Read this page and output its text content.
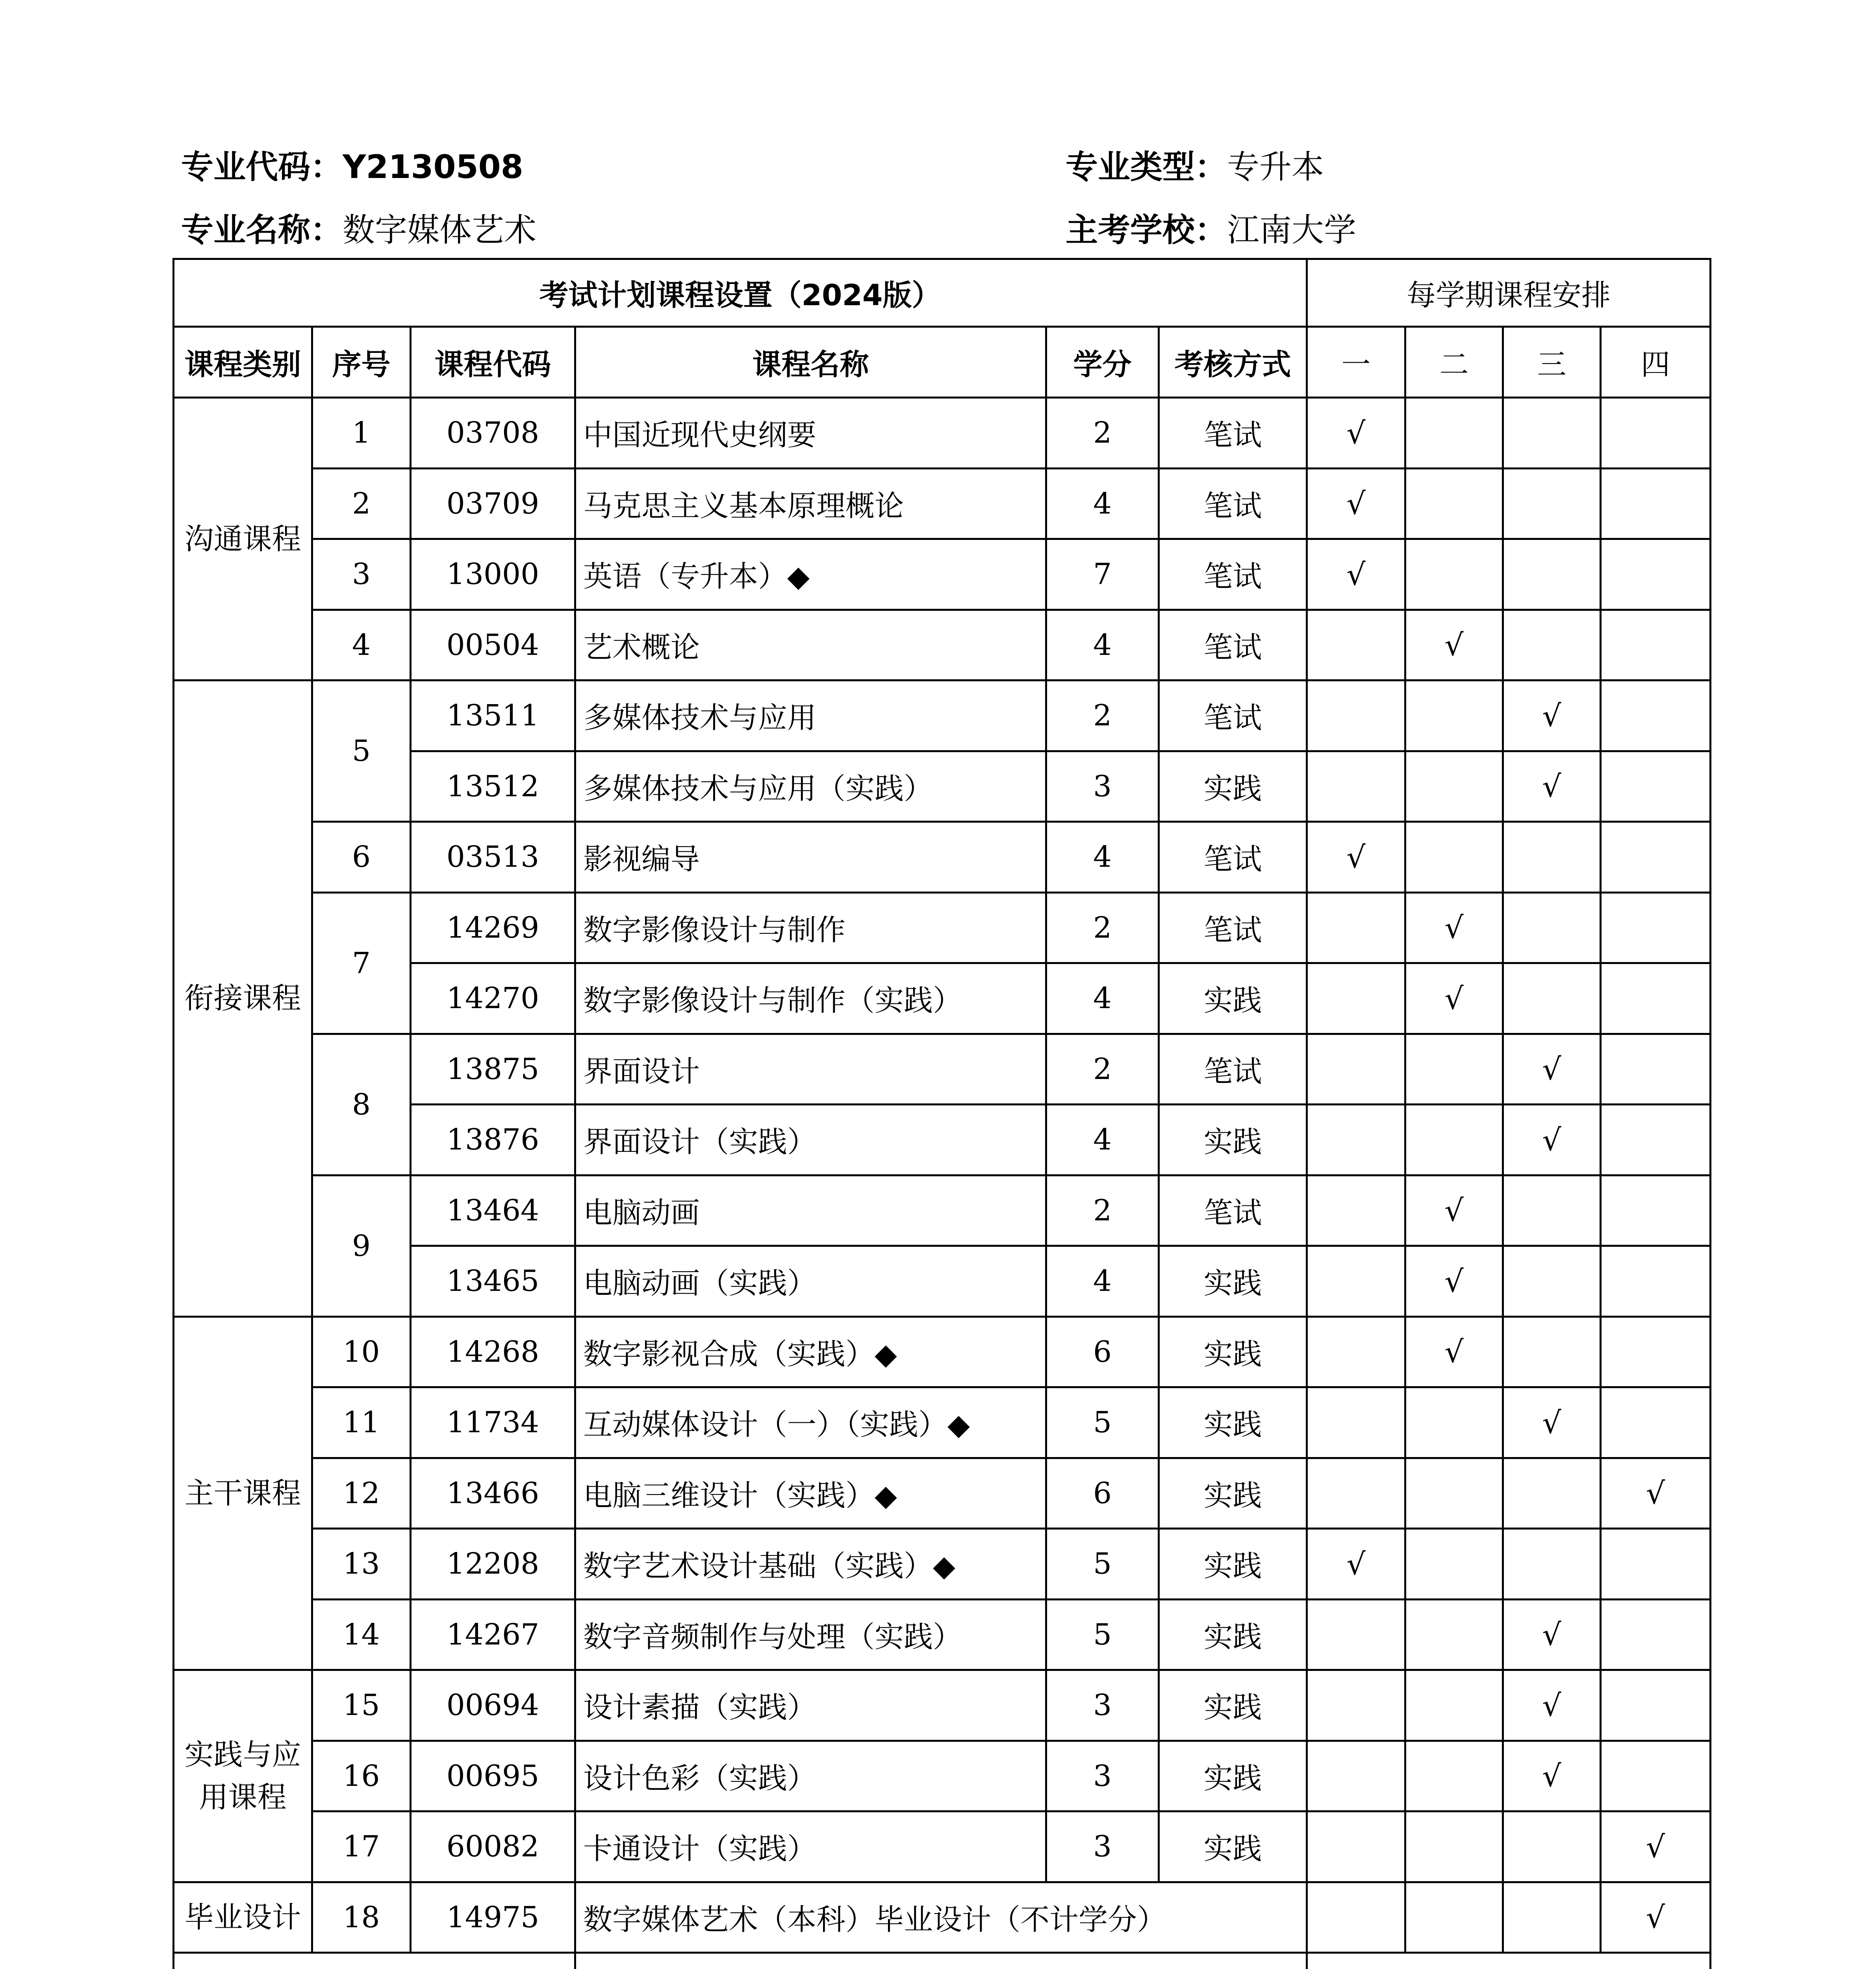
专业代码：Y2130508	专业类型：专升本
专业名称：数字媒体艺术	主考学校：江南大学
考试计划课程设置（2024版）						每学期课程安排			
课程类别	序号	课程代码	课程名称	学分	考核方式	一	二	三	四
沟通课程	1	03708	中国近现代史纲要	2	笔试	√			
	2	03709	马克思主义基本原理概论	4	笔试	√			
	3	13000	英语（专升本）◆	7	笔试	√			
	4	00504	艺术概论	4	笔试		√		
衔接课程	5	13511	多媒体技术与应用	2	笔试			√	
		13512	多媒体技术与应用（实践）	3	实践			√	
	6	03513	影视编导	4	笔试	√			
	7	14269	数字影像设计与制作	2	笔试		√		
		14270	数字影像设计与制作（实践）	4	实践		√		
	8	13875	界面设计	2	笔试			√	
		13876	界面设计（实践）	4	实践			√	
	9	13464	电脑动画	2	笔试		√		
		13465	电脑动画（实践）	4	实践		√		
主干课程	10	14268	数字影视合成（实践）◆	6	实践		√		
	11	11734	互动媒体设计（一）（实践）◆	5	实践			√	
	12	13466	电脑三维设计（实践）◆	6	实践				√
	13	12208	数字艺术设计基础（实践）◆	5	实践	√			
	14	14267	数字音频制作与处理（实践）	5	实践			√	
实践与应用课程	15	00694	设计素描（实践）	3	实践			√	
	16	00695	设计色彩（实践）	3	实践			√	
	17	60082	卡通设计（实践）	3	实践				√
毕业设计	18	14975	数字媒体艺术（本科）毕业设计（不计学分）						√
